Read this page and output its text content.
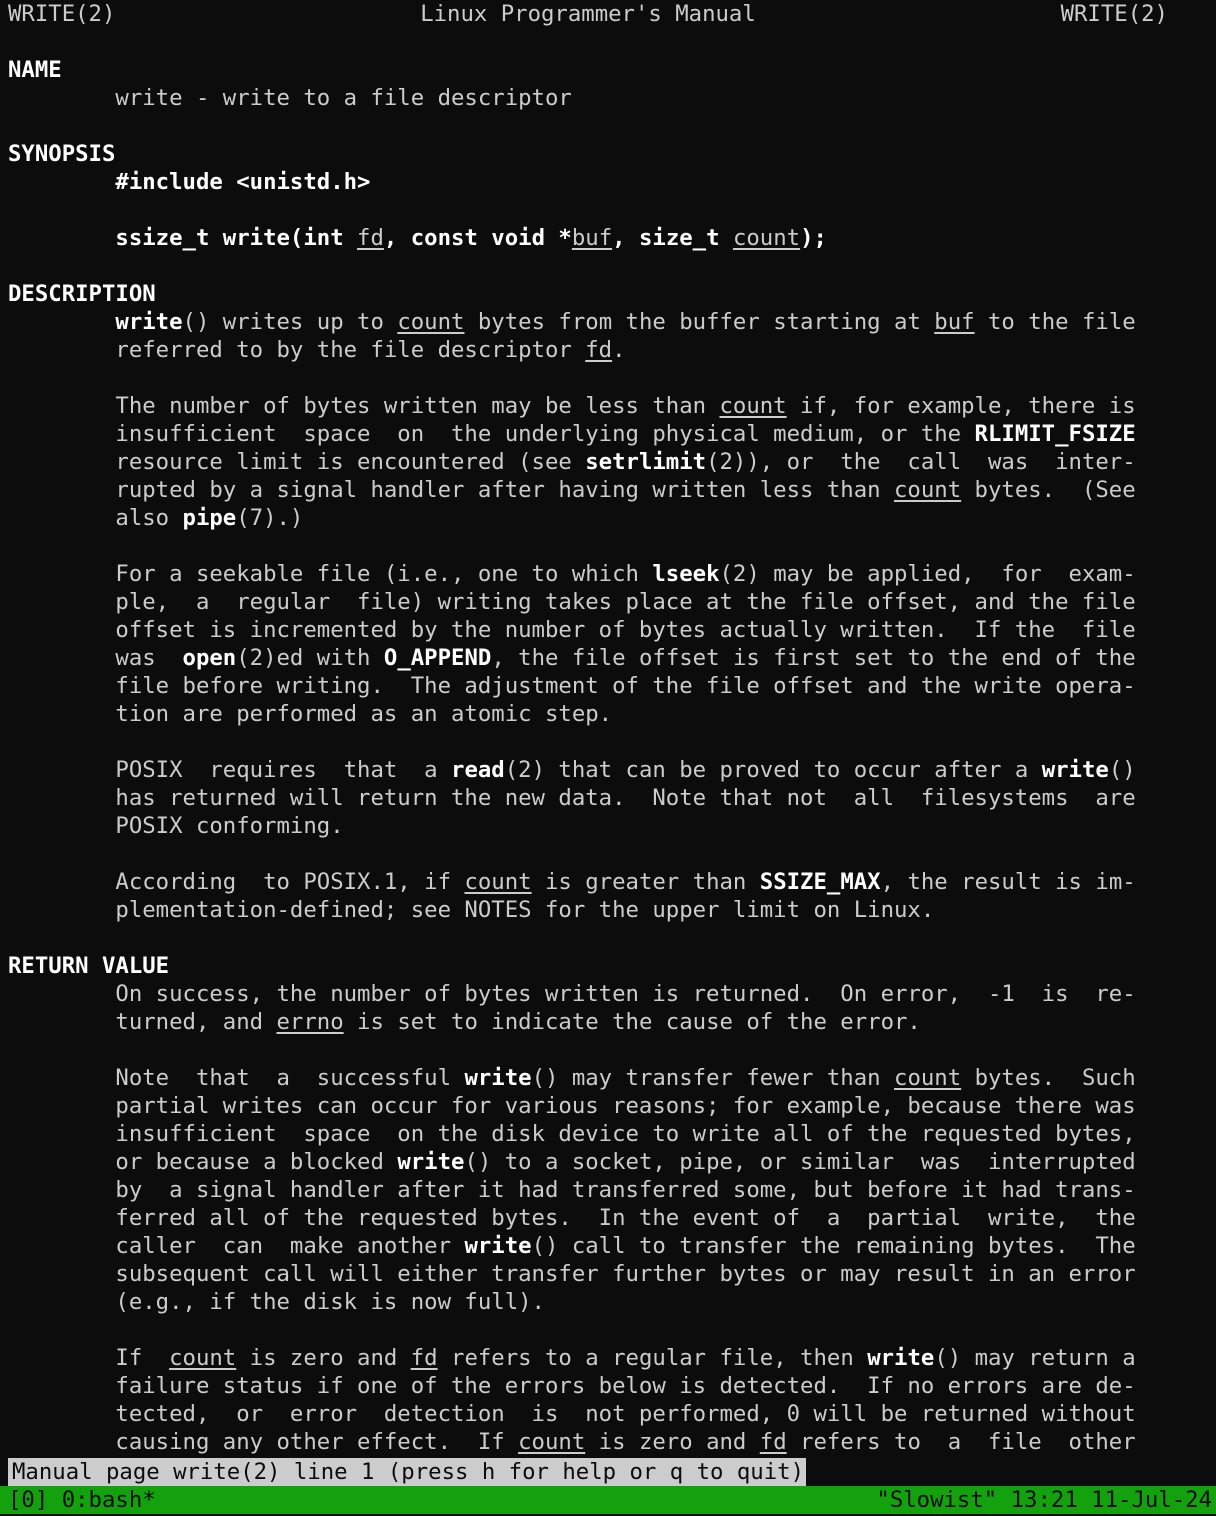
WRITE(2)	Linux Programmer's Manual	WRITE(2)
NAME
write - write to a file descriptor
SYNOPSIS
#include <unistd.h>
ssize_t write(int fd, const void *buf, size_t count);
DESCRIPTION
write() writes up to count bytes from the buffer starting at buf to the file
referred to by the file descriptor fd.
The number of bytes written may be less than count if, for example, there is
insufficient  space  on  the underlying physical medium, or the RLIMIT_FSIZE
resource limit is encountered (see setrlimit(2)), or  the  call  was  inter‐
rupted by a signal handler after having written less than count bytes.  (See
also pipe(7).)
For a seekable file (i.e., one to which lseek(2) may be applied,  for  exam‐
ple,  a  regular  file) writing takes place at the file offset, and the file
offset is incremented by the number of bytes actually written.  If the  file
was  open(2)ed with O_APPEND, the file offset is first set to the end of the
file before writing.  The adjustment of the file offset and the write opera‐
tion are performed as an atomic step.
POSIX  requires  that  a read(2) that can be proved to occur after a write()
has returned will return the new data.  Note that not  all  filesystems  are
POSIX conforming.
According  to POSIX.1, if count is greater than SSIZE_MAX, the result is im‐
plementation-defined; see NOTES for the upper limit on Linux.
RETURN VALUE
On success, the number of bytes written is returned.  On error,  -1  is  re‐
turned, and errno is set to indicate the cause of the error.
Note  that  a  successful write() may transfer fewer than count bytes.  Such
partial writes can occur for various reasons; for example, because there was
insufficient  space  on the disk device to write all of the requested bytes,
or because a blocked write() to a socket, pipe, or similar  was  interrupted
by  a signal handler after it had transferred some, but before it had trans‐
ferred all of the requested bytes.  In the event of  a  partial  write,  the
caller  can  make another write() call to transfer the remaining bytes.  The
subsequent call will either transfer further bytes or may result in an error
(e.g., if the disk is now full).
If  count is zero and fd refers to a regular file, then write() may return a
failure status if one of the errors below is detected.  If no errors are de‐
tected,  or  error  detection  is  not performed, 0 will be returned without
causing any other effect.  If count is zero and fd refers to  a  file  other
Manual page write(2) line 1 (press h for help or q to quit)
[0] 0:bash*	"Slowist" 13:21 11-Jul-24
